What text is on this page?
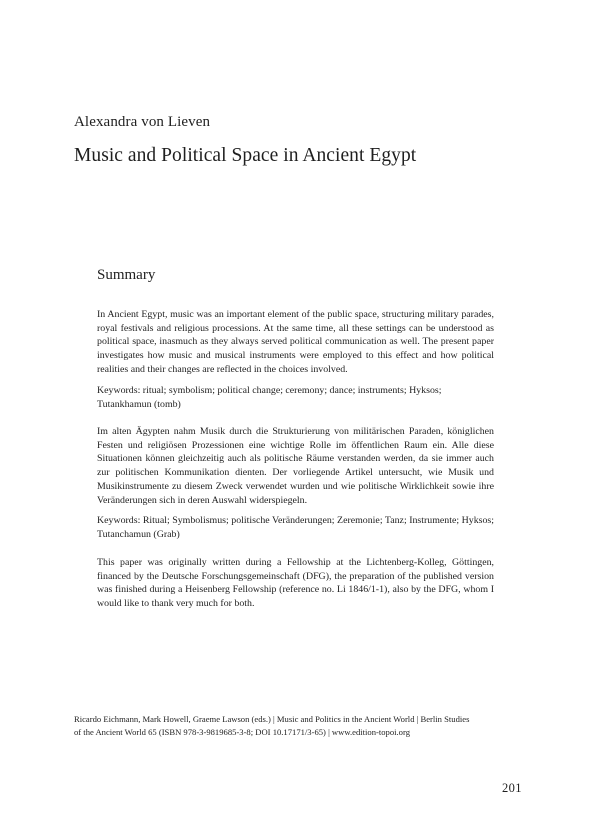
Alexandra von Lieven
Music and Political Space in Ancient Egypt
Summary

In Ancient Egypt, music was an important element of the public space, structuring military parades, royal festivals and religious processions. At the same time, all these settings can be understood as political space, inasmuch as they always served political communication as well. The present paper investigates how music and musical instruments were employed to this effect and how political realities and their changes are reflected in the choices involved.

Keywords: ritual; symbolism; political change; ceremony; dance; instruments; Hyksos; Tutankhamun (tomb)

Im alten Ägypten nahm Musik durch die Strukturierung von militärischen Paraden, königlichen Festen und religiösen Prozessionen eine wichtige Rolle im öffentlichen Raum ein. Alle diese Situationen können gleichzeitig auch als politische Räume verstanden werden, da sie immer auch zur politischen Kommunikation dienten. Der vorliegende Artikel untersucht, wie Musik und Musikinstrumente zu diesem Zweck verwendet wurden und wie politische Wirklichkeit sowie ihre Veränderungen sich in deren Auswahl widerspiegeln.

Keywords: Ritual; Symbolismus; politische Veränderungen; Zeremonie; Tanz; Instrumente; Hyksos; Tutanchamun (Grab)

This paper was originally written during a Fellowship at the Lichtenberg-Kolleg, Göttingen, financed by the Deutsche Forschungsgemeinschaft (DFG), the preparation of the published version was finished during a Heisenberg Fellowship (reference no. Li 1846/1-1), also by the DFG, whom I would like to thank very much for both.

Ricardo Eichmann, Mark Howell, Graeme Lawson (eds.) | Music and Politics in the Ancient World | Berlin Studies of the Ancient World 65 (ISBN 978-3-9819685-3-8; DOI 10.17171/3-65) | www.edition-topoi.org
201
